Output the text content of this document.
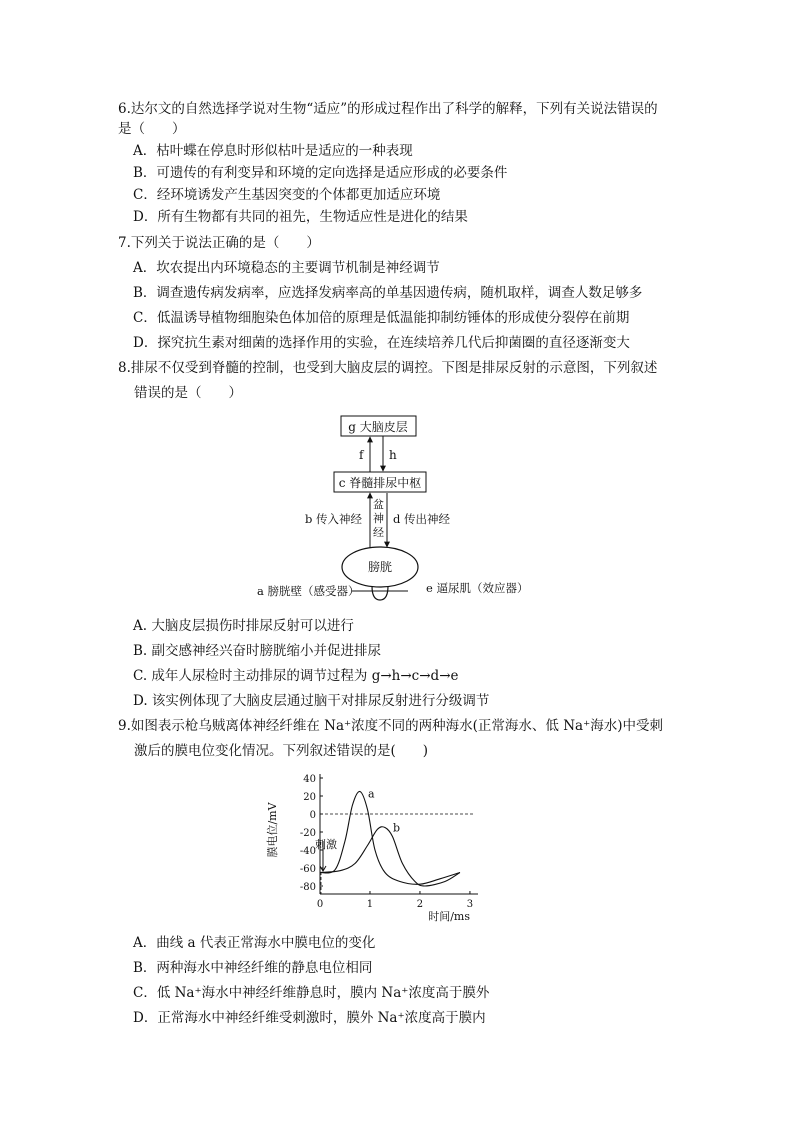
6.达尔文的自然选择学说对生物“适应”的形成过程作出了科学的解释，下列有关说法错误的
是（　　）
A．枯叶蝶在停息时形似枯叶是适应的一种表现
B．可遗传的有利变异和环境的定向选择是适应形成的必要条件
C．经环境诱发产生基因突变的个体都更加适应环境
D．所有生物都有共同的祖先，生物适应性是进化的结果
7.下列关于说法正确的是（　　）
A．坎农提出内环境稳态的主要调节机制是神经调节
B．调查遗传病发病率，应选择发病率高的单基因遗传病，随机取样，调查人数足够多
C．低温诱导植物细胞染色体加倍的原理是低温能抑制纺锤体的形成使分裂停在前期
D．探究抗生素对细菌的选择作用的实验，在连续培养几代后抑菌圈的直径逐渐变大
8.排尿不仅受到脊髓的控制，也受到大脑皮层的调控。下图是排尿反射的示意图，下列叙述
错误的是（　　）
g 大脑皮层
c 脊髓排尿中枢
f h
b 传入神经	d 传出神经
盆
神
经
膀胱
a 膀胱壁（感受器）	e 逼尿肌（效应器）
A. 大脑皮层损伤时排尿反射可以进行
B. 副交感神经兴奋时膀胱缩小并促进排尿
C. 成年人尿检时主动排尿的调节过程为 g→h→c→d→e
D. 该实例体现了大脑皮层通过脑干对排尿反射进行分级调节
9.如图表示枪乌贼离体神经纤维在 Na⁺浓度不同的两种海水(正常海水、低 Na⁺海水)中受刺
激后的膜电位变化情况。下列叙述错误的是(　　)
膜电位/mV
时间/ms
刺激
40
20
0
-20
-40
-60
-80
0	1	2	3
a
b
A．曲线 a 代表正常海水中膜电位的变化
B．两种海水中神经纤维的静息电位相同
C．低 Na⁺海水中神经纤维静息时，膜内 Na⁺浓度高于膜外
D．正常海水中神经纤维受刺激时，膜外 Na⁺浓度高于膜内
